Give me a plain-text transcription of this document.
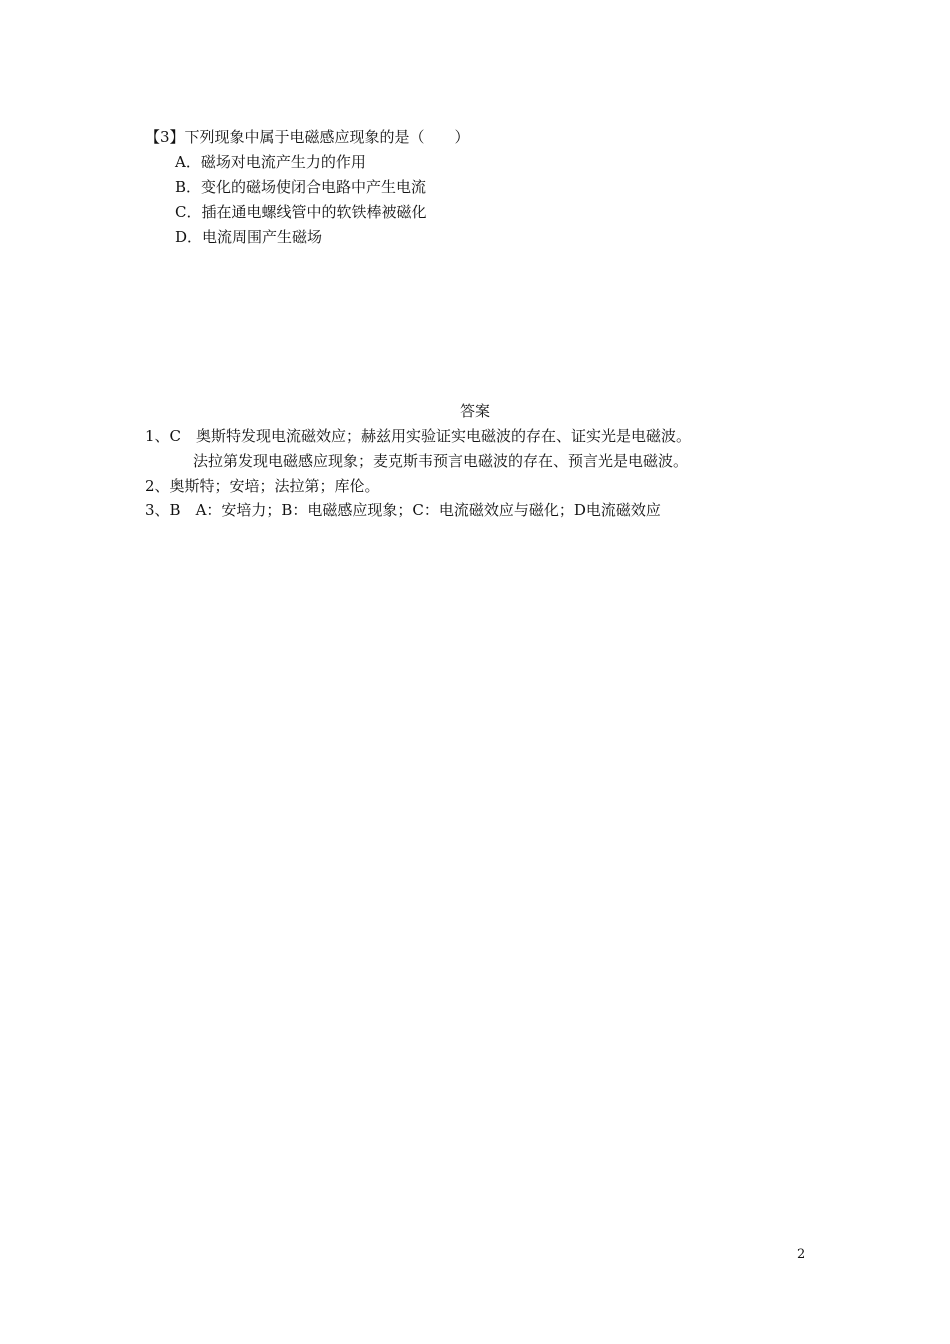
【3】下列现象中属于电磁感应现象的是（　　）
A．磁场对电流产生力的作用
B．变化的磁场使闭合电路中产生电流
C．插在通电螺线管中的软铁棒被磁化
D．电流周围产生磁场
答案
1、C　奥斯特发现电流磁效应；赫兹用实验证实电磁波的存在、证实光是电磁波。
法拉第发现电磁感应现象；麦克斯韦预言电磁波的存在、预言光是电磁波。
2、奥斯特；安培；法拉第；库伦。
3、B　A：安培力；B：电磁感应现象；C：电流磁效应与磁化；D电流磁效应
2
